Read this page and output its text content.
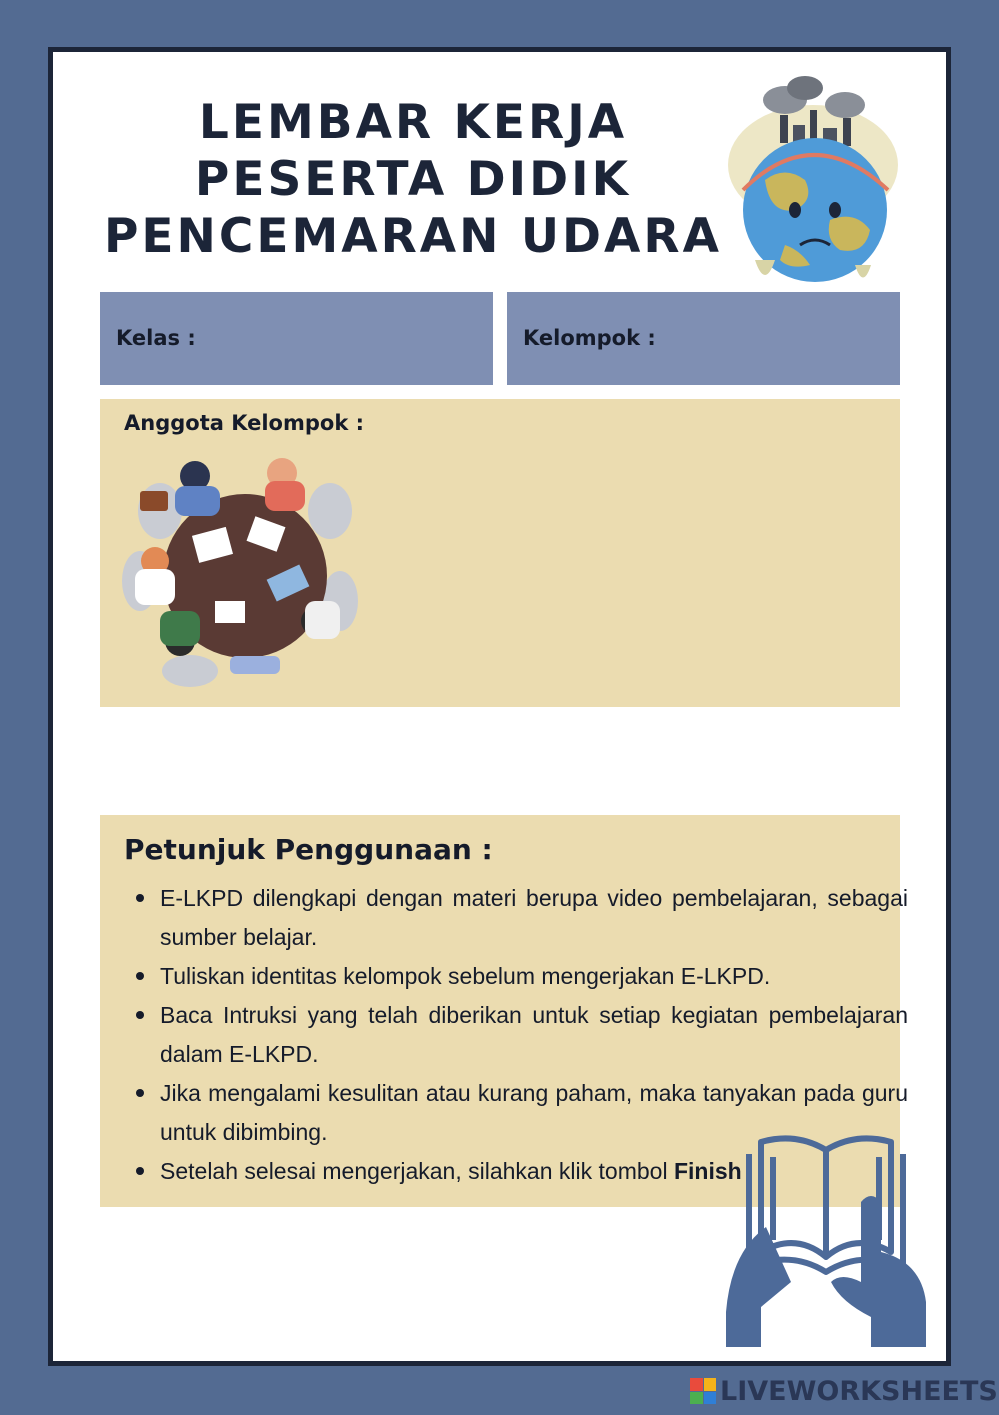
LEMBAR KERJA
PESERTA DIDIK
PENCEMARAN UDARA
Kelas :	Kelompok :
Anggota Kelompok :
Petunjuk Penggunaan :
E-LKPD dilengkapi dengan materi berupa video pembelajaran, sebagai sumber belajar.
Tuliskan identitas kelompok sebelum mengerjakan E-LKPD.
Baca Intruksi yang telah diberikan untuk setiap kegiatan pembelajaran dalam E-LKPD.
Jika mengalami kesulitan atau kurang paham, maka tanyakan pada guru untuk dibimbing.
Setelah selesai mengerjakan, silahkan klik tombol Finish
LIVEWORKSHEETS
